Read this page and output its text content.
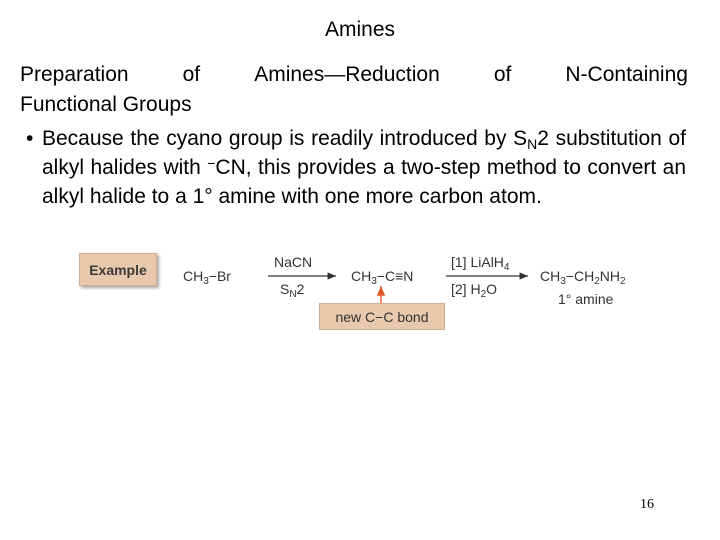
Amines
Preparation	of	Amines—Reduction	of	N-Containing
Functional Groups
• Because the cyano group is readily introduced by $S_N2$ substitution of alkyl halides with −CN, this provides a two-step method to convert an alkyl halide to a 1° amine with one more carbon atom.
Example	$CH_3-Br$
NaCN
$S_N2$
$CH_3-C\equiv N$
[1] LiAlH$_4$
[2] $H_2O$
$CH_3-CH_2NH_2$
1° amine
new C−C bond
16
